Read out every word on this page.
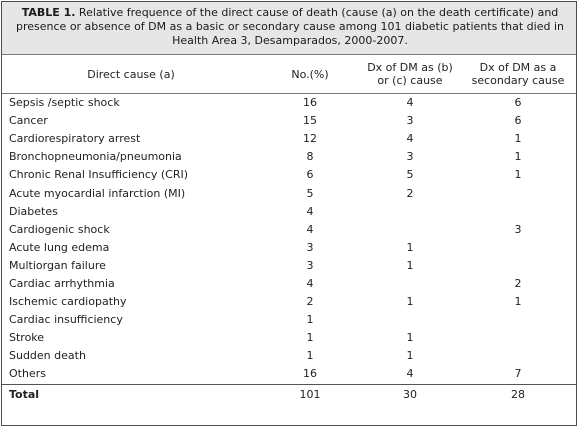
TABLE 1. Relative frequence of the direct cause of death (cause (a) on the death certificate) and presence or absence of DM as a basic or secondary cause among 101 diabetic patients that died in Health Area 3, Desamparados, 2000-2007.
Direct cause (a)	No.(%)	Dx of DM as (b) or (c) cause	Dx of DM as a secondary cause
Sepsis /septic shock	16	4	6
Cancer	15	3	6
Cardiorespiratory arrest	12	4	1
Bronchopneumonia/pneumonia	8	3	1
Chronic Renal Insufficiency (CRI)	6	5	1
Acute myocardial infarction (MI)	5	2	
Diabetes	4		
Cardiogenic shock	4		3
Acute lung edema	3	1	
Multiorgan failure	3	1	
Cardiac arrhythmia	4		2
Ischemic cardiopathy	2	1	1
Cardiac insufficiency	1		
Stroke	1	1	
Sudden death	1	1	
Others	16	4	7
Total	101	30	28
